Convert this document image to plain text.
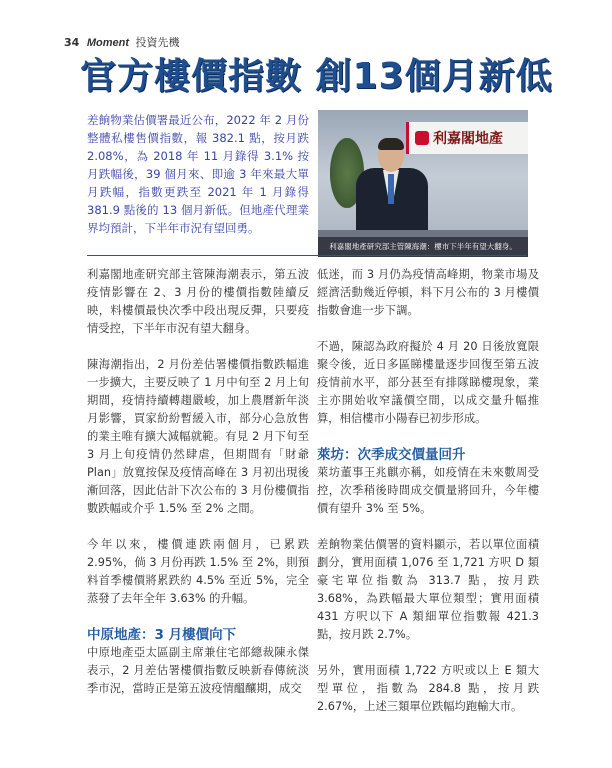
34 Moment 投資先機
官方樓價指數 創13個月新低

差餉物業估價署最近公布，2022 年 2 月份整體私樓售價指數，報 382.1 點，按月跌 2.08%，為 2018 年 11 月錄得 3.1% 按月跌幅後，39 個月來、即逾 3 年來最大單月跌幅，指數更跌至 2021 年 1 月錄得 381.9 點後的 13 個月新低。但地產代理業界均預計，下半年市況有望回勇。

利嘉閣地產
利嘉閣地產研究部主管陳海潮：樓市下半年有望大翻身。

利嘉閣地產研究部主管陳海潮表示，第五波疫情影響在 2、3 月份的樓價指數陸續反映，料樓價最快次季中段出現反彈，只要疫情受控，下半年市況有望大翻身。

陳海潮指出，2 月份差估署樓價指數跌幅進一步擴大，主要反映了 1 月中旬至 2 月上旬期間，疫情持續轉趨嚴峻，加上農曆新年淡月影響，買家紛紛暫緩入市，部分心急放售的業主唯有擴大減幅就範。有見 2 月下旬至 3 月上旬疫情仍然肆虐，但期間有「財爺 Plan」放寬按保及疫情高峰在 3 月初出現後漸回落，因此估計下次公布的 3 月份樓價指數跌幅或介乎 1.5% 至 2% 之間。

今年以來，樓價連跌兩個月，已累跌 2.95%，倘 3 月份再跌 1.5% 至 2%，則預料首季樓價將累跌約 4.5% 至近 5%，完全蒸發了去年全年 3.63% 的升幅。

中原地產：3 月樓價向下

中原地產亞太區副主席兼住宅部總裁陳永傑表示，2 月差估署樓價指數反映新春傳統淡季市況，當時正是第五波疫情醞釀期，成交

低迷，而 3 月仍為疫情高峰期，物業市場及經濟活動幾近停頓，料下月公布的 3 月樓價指數會進一步下調。

不過，陳認為政府擬於 4 月 20 日後放寬限聚令後，近日多區睇樓量逐步回復至第五波疫情前水平，部分甚至有排隊睇樓現象，業主亦開始收窄議價空間，以成交量升幅推算，相信樓市小陽春已初步形成。

萊坊：次季成交價量回升

萊坊董事王兆麒亦稱，如疫情在未來數周受控，次季稍後時間成交價量將回升，今年樓價有望升 3% 至 5%。

差餉物業估價署的資料顯示，若以單位面積劃分，實用面積 1,076 至 1,721 方呎 D 類豪宅單位指數為 313.7 點，按月跌 3.68%，為跌幅最大單位類型；實用面積 431 方呎以下 A 類細單位指數報 421.3 點，按月跌 2.7%。

另外，實用面積 1,722 方呎或以上 E 類大型單位，指數為 284.8 點，按月跌 2.67%，上述三類單位跌幅均跑輸大市。
